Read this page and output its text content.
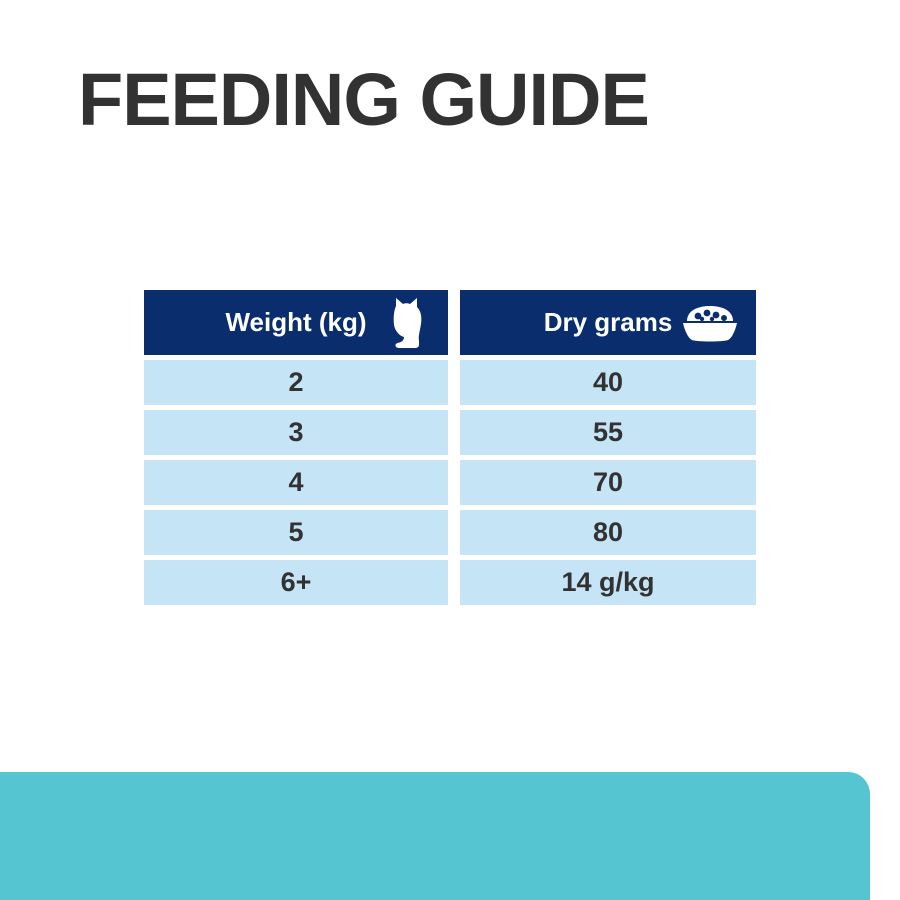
FEEDING GUIDE
Weight (kg)	Dry grams
2	40
3	55
4	70
5	80
6+	14 g/kg
